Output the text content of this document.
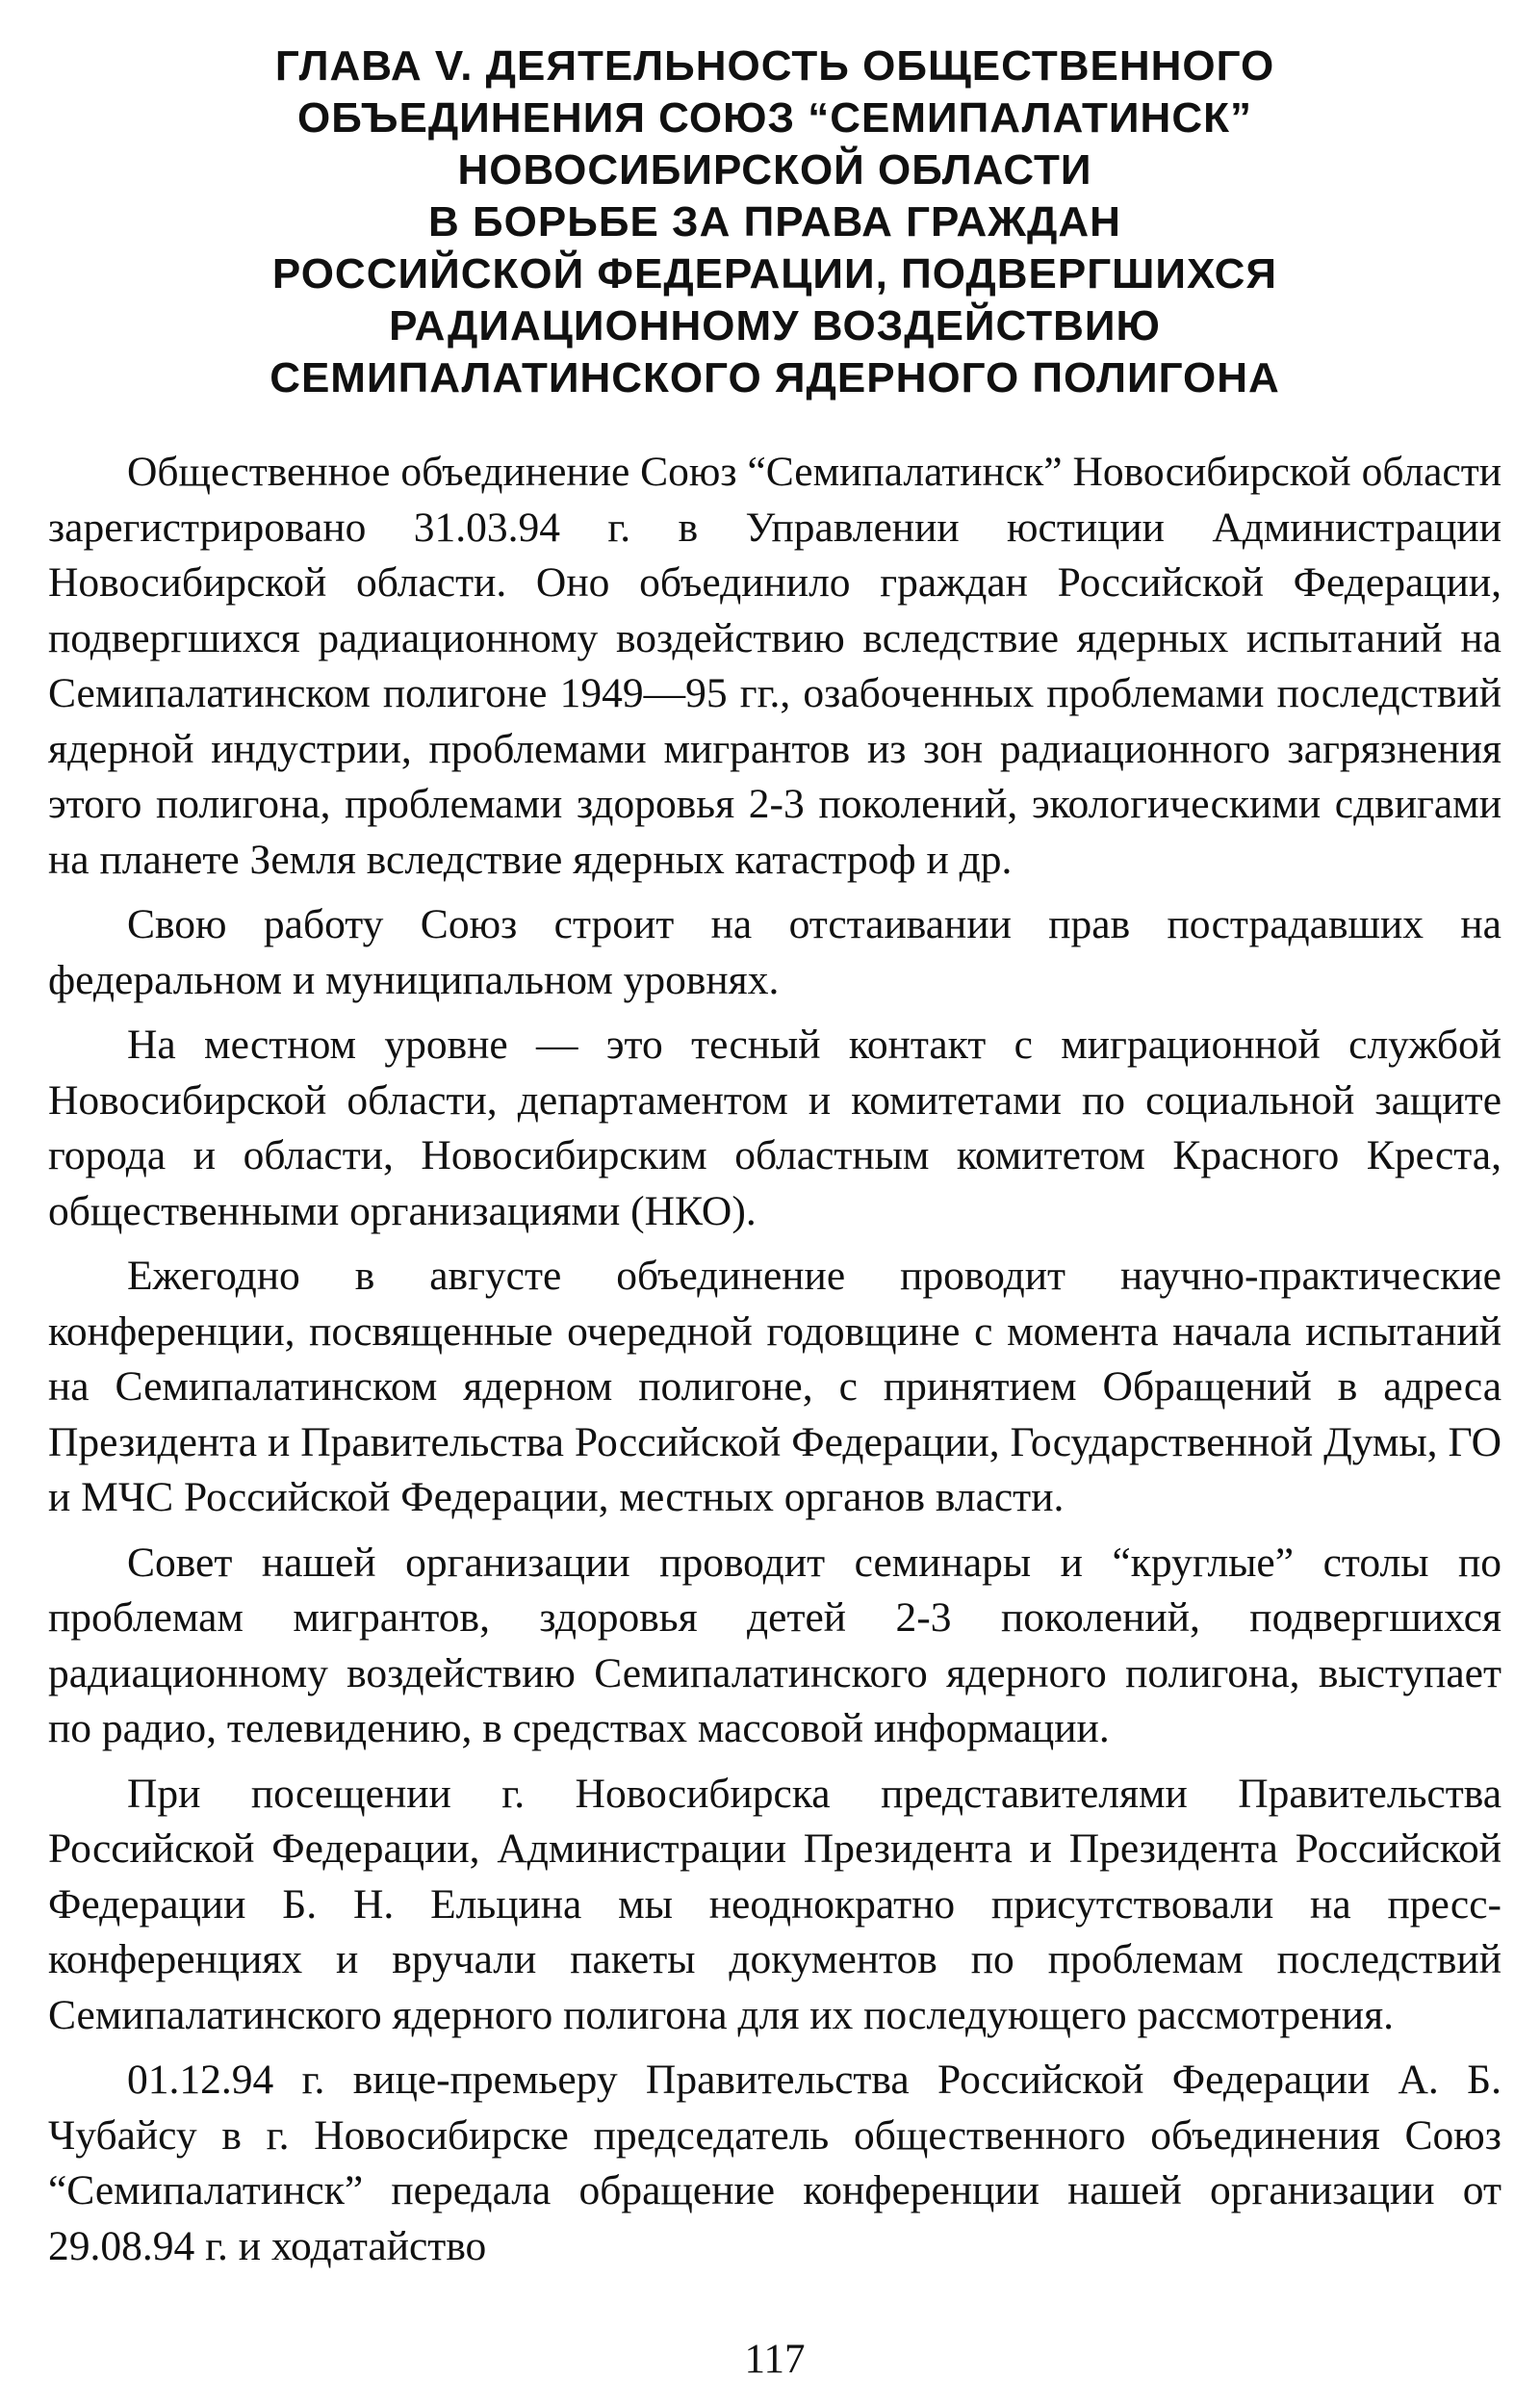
ГЛАВА V. ДЕЯТЕЛЬНОСТЬ ОБЩЕСТВЕННОГО
ОБЪЕДИНЕНИЯ СОЮЗ “СЕМИПАЛАТИНСК”
НОВОСИБИРСКОЙ ОБЛАСТИ
В БОРЬБЕ ЗА ПРАВА ГРАЖДАН
РОССИЙСКОЙ ФЕДЕРАЦИИ, ПОДВЕРГШИХСЯ
РАДИАЦИОННОМУ ВОЗДЕЙСТВИЮ
СЕМИПАЛАТИНСКОГО ЯДЕРНОГО ПОЛИГОНА

Общественное объединение Союз “Семипалатинск” Новосибирской области зарегистрировано 31.03.94 г. в Управлении юстиции Администрации Новосибирской области. Оно объединило граждан Российской Федерации, подвергшихся радиационному воздействию вследствие ядерных испытаний на Семипалатинском полигоне 1949—95 гг., озабоченных проблемами последствий ядерной индустрии, проблемами мигрантов из зон радиационного загрязнения этого полигона, проблемами здоровья 2-3 поколений, экологическими сдвигами на планете Земля вследствие ядерных катастроф и др.

Свою работу Союз строит на отстаивании прав пострадавших на федеральном и муниципальном уровнях.

На местном уровне — это тесный контакт с миграционной службой Новосибирской области, департаментом и комитетами по социальной защите города и области, Новосибирским областным комитетом Красного Креста, общественными организациями (НКО).

Ежегодно в августе объединение проводит научно-практические конференции, посвященные очередной годовщине с момента начала испытаний на Семипалатинском ядерном полигоне, с принятием Обращений в адреса Президента и Правительства Российской Федерации, Государственной Думы, ГО и МЧС Российской Федерации, местных органов власти.

Совет нашей организации проводит семинары и “круглые” столы по проблемам мигрантов, здоровья детей 2-3 поколений, подвергшихся радиационному воздействию Семипалатинского ядерного полигона, выступает по радио, телевидению, в средствах массовой информации.

При посещении г. Новосибирска представителями Правительства Российской Федерации, Администрации Президента и Президента Российской Федерации Б. Н. Ельцина мы неоднократно присутствовали на пресс-конференциях и вручали пакеты документов по проблемам последствий Семипалатинского ядерного полигона для их последующего рассмотрения.

01.12.94 г. вице-премьеру Правительства Российской Федерации А. Б. Чубайсу в г. Новосибирске председатель общественного объединения Союз “Семипалатинск” передала обращение конференции нашей организации от 29.08.94 г. и ходатайство

117
